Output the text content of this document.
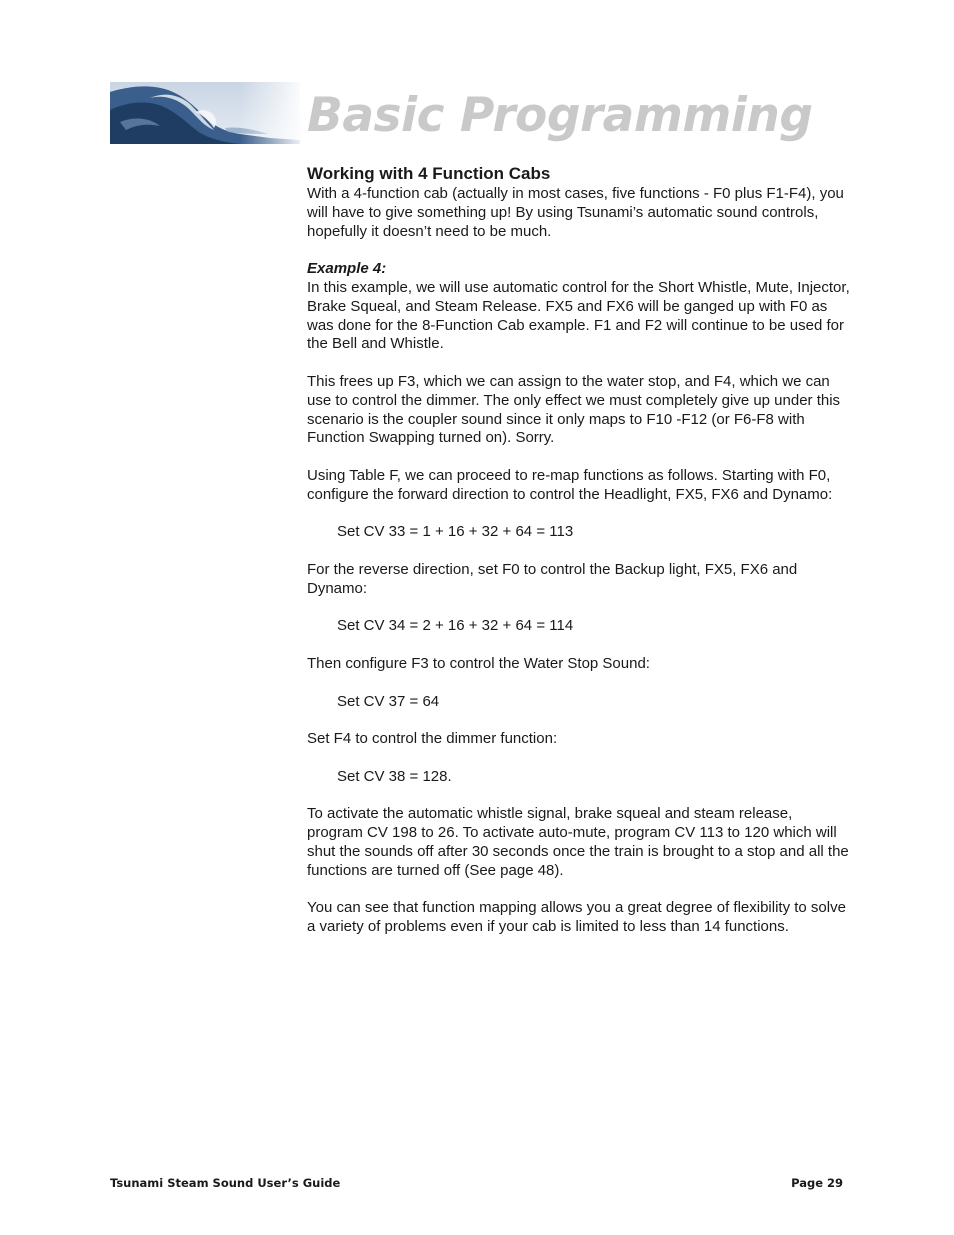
Basic Programming
Working with 4 Function Cabs

With a 4-function cab (actually in most cases, five functions - F0 plus F1-F4), you will have to give something up! By using Tsunami’s automatic sound controls, hopefully it doesn’t need to be much.

Example 4:
In this example, we will use automatic control for the Short Whistle, Mute, Injector, Brake Squeal, and Steam Release. FX5 and FX6 will be ganged up with F0 as was done for the 8-Function Cab example. F1 and F2 will continue to be used for the Bell and Whistle.

This frees up F3, which we can assign to the water stop, and F4, which we can use to control the dimmer. The only effect we must completely give up under this scenario is the coupler sound since it only maps to F10 -F12 (or F6-F8 with Function Swapping turned on). Sorry.

Using Table F, we can proceed to re-map functions as follows. Starting with F0, configure the forward direction to control the Headlight, FX5, FX6 and Dynamo:

Set CV 33 = 1 + 16 + 32 + 64 = 113

For the reverse direction, set F0 to control the Backup light, FX5, FX6 and Dynamo:

Set CV 34 = 2 + 16 + 32 + 64 = 114

Then configure F3 to control the Water Stop Sound:

Set CV 37 = 64

Set F4 to control the dimmer function:

Set CV 38 = 128.

To activate the automatic whistle signal, brake squeal and steam release, program CV 198 to 26. To activate auto-mute, program CV 113 to 120 which will shut the sounds off after 30 seconds once the train is brought to a stop and all the functions are turned off (See page 48).

You can see that function mapping allows you a great degree of flexibility to solve a variety of problems even if your cab is limited to less than 14 functions.

Tsunami Steam Sound User’s Guide	Page 29
